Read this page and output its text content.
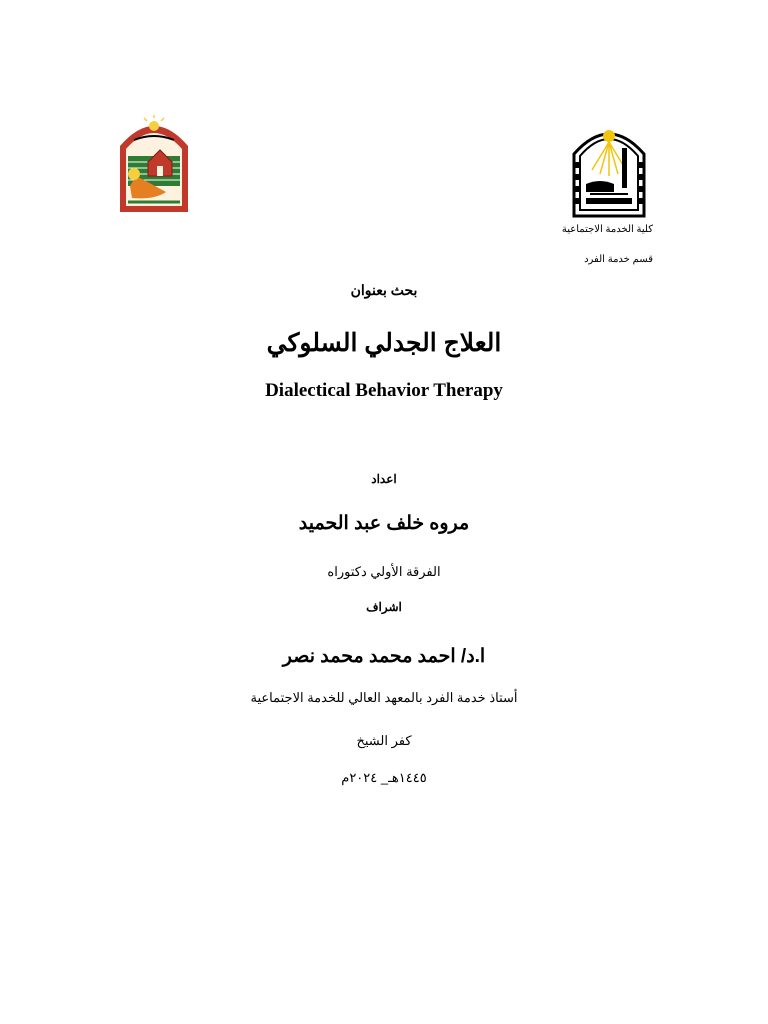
كلية الخدمة الاجتماعية
قسم خدمة الفرد
بحث بعنوان
العلاج الجدلي السلوكي
Dialectical Behavior Therapy
اعداد
مروه خلف عبد الحميد
الفرقة الأولي دكتوراه
اشراف
ا.د/ احمد محمد محمد نصر
أستاذ خدمة الفرد بالمعهد العالي للخدمة الاجتماعية
كفر الشيخ
١٤٤٥هـ_ ٢٠٢٤م
